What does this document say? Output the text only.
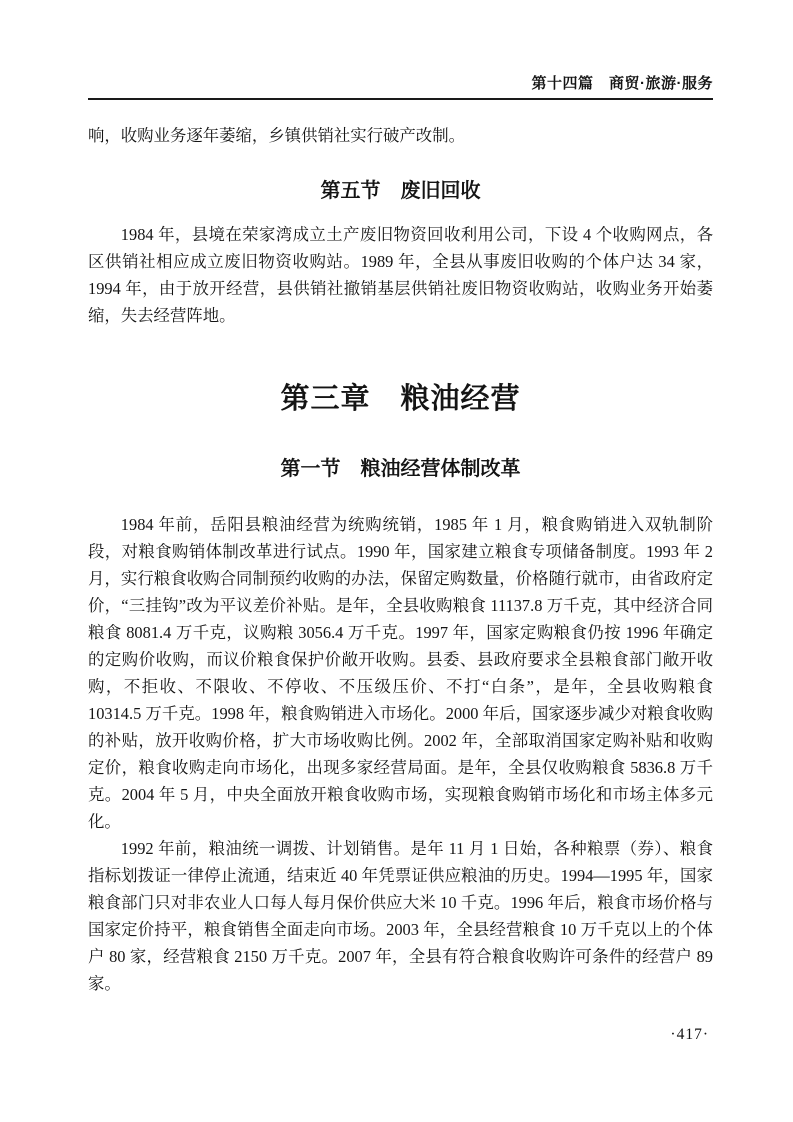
第十四篇　商贸·旅游·服务

响，收购业务逐年萎缩，乡镇供销社实行破产改制。

第五节　废旧回收

1984 年，县境在荣家湾成立土产废旧物资回收利用公司，下设 4 个收购网点，各区供销社相应成立废旧物资收购站。1989 年，全县从事废旧收购的个体户达 34 家，1994 年，由于放开经营，县供销社撤销基层供销社废旧物资收购站，收购业务开始萎缩，失去经营阵地。

第三章　粮油经营
第一节　粮油经营体制改革

1984 年前，岳阳县粮油经营为统购统销，1985 年 1 月，粮食购销进入双轨制阶段，对粮食购销体制改革进行试点。1990 年，国家建立粮食专项储备制度。1993 年 2 月，实行粮食收购合同制预约收购的办法，保留定购数量，价格随行就市，由省政府定价，“三挂钩”改为平议差价补贴。是年，全县收购粮食 11137.8 万千克，其中经济合同粮食 8081.4 万千克，议购粮 3056.4 万千克。1997 年，国家定购粮食仍按 1996 年确定的定购价收购，而议价粮食保护价敞开收购。县委、县政府要求全县粮食部门敞开收购，不拒收、不限收、不停收、不压级压价、不打“白条”，是年，全县收购粮食 10314.5 万千克。1998 年，粮食购销进入市场化。2000 年后，国家逐步减少对粮食收购的补贴，放开收购价格，扩大市场收购比例。2002 年，全部取消国家定购补贴和收购定价，粮食收购走向市场化，出现多家经营局面。是年，全县仅收购粮食 5836.8 万千克。2004 年 5 月，中央全面放开粮食收购市场，实现粮食购销市场化和市场主体多元化。

1992 年前，粮油统一调拨、计划销售。是年 11 月 1 日始，各种粮票（券）、粮食指标划拨证一律停止流通，结束近 40 年凭票证供应粮油的历史。1994—1995 年，国家粮食部门只对非农业人口每人每月保价供应大米 10 千克。1996 年后，粮食市场价格与国家定价持平，粮食销售全面走向市场。2003 年，全县经营粮食 10 万千克以上的个体户 80 家，经营粮食 2150 万千克。2007 年，全县有符合粮食收购许可条件的经营户 89 家。

·417·
